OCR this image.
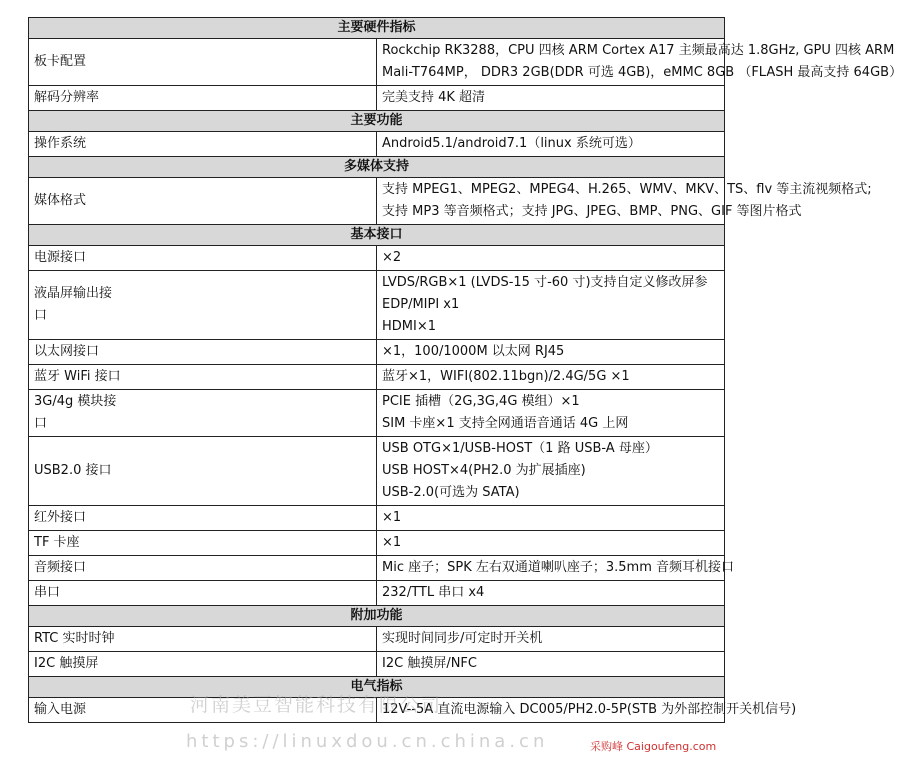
主要硬件指标	

板卡配置	Rockchip RK3288，CPU 四核 ARM Cortex A17 主频最高达 1.8GHz, GPU 四核 ARM
Mali-T764MP， DDR3 2GB(DDR 可选 4GB)，eMMC 8GB （FLASH 最高支持 64GB）

解码分辨率	完美支持 4K 超清

主要功能	

操作系统	Android5.1/android7.1（linux 系统可选）

多媒体支持	

媒体格式	支持 MPEG1、MPEG2、MPEG4、H.265、WMV、MKV、TS、flv 等主流视频格式;
支持 MP3 等音频格式；支持 JPG、JPEG、BMP、PNG、GIF 等图片格式

基本接口	

电源接口	×2

液晶屏输出接
口	LVDS/RGB×1 (LVDS-15 寸-60 寸)支持自定义修改屏参
EDP/MIPI x1
HDMI×1

以太网接口	×1，100/1000M 以太网 RJ45

蓝牙 WiFi 接口	蓝牙×1，WIFI(802.11bgn)/2.4G/5G ×1

3G/4g 模块接
口	PCIE 插槽（2G,3G,4G 模组）×1
SIM 卡座×1 支持全网通语音通话 4G 上网

USB2.0 接口	USB OTG×1/USB-HOST（1 路 USB-A 母座）
USB HOST×4(PH2.0 为扩展插座)
USB-2.0(可选为 SATA)

红外接口	×1

TF 卡座	×1

音频接口	Mic 座子；SPK 左右双通道喇叭座子；3.5mm 音频耳机接口

串口	232/TTL 串口 x4

附加功能	

RTC 实时时钟	实现时间同步/可定时开关机

I2C 触摸屏	I2C 触摸屏/NFC

电气指标	

输入电源	12V--5A 直流电源输入 DC005/PH2.0-5P(STB 为外部控制开关机信号)
河南美豆智能科技有限公司
https://linuxdou.cn.china.cn	采购峰 Caigoufeng.com
